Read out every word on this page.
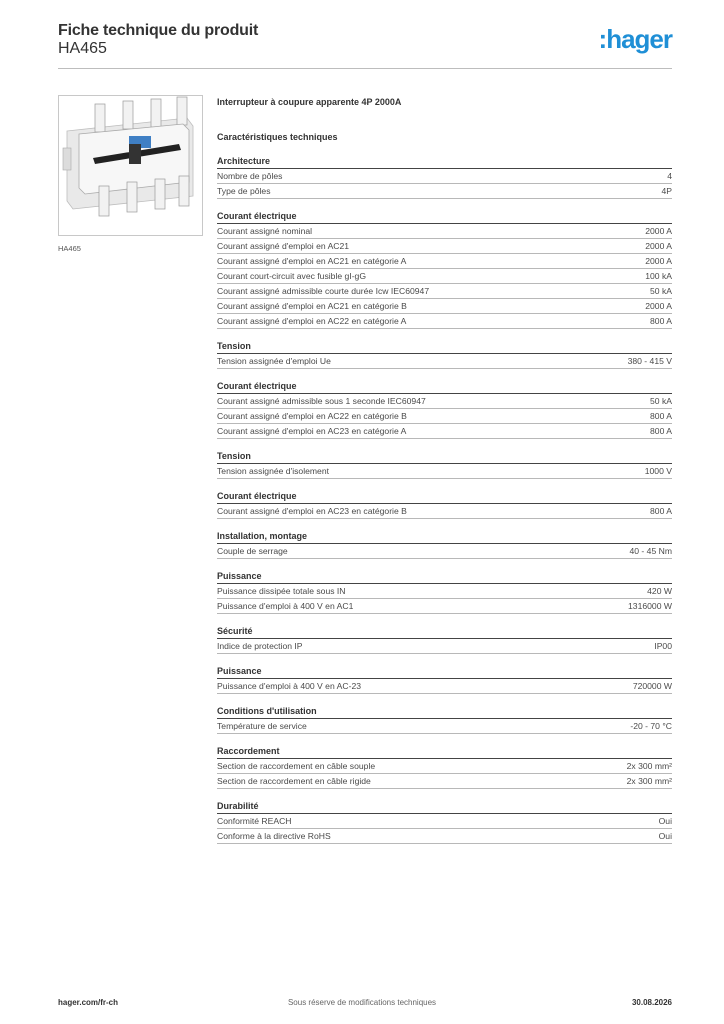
Fiche technique du produit
HA465	:hager
HA465
Interrupteur à coupure apparente 4P 2000A
Caractéristiques techniques
Architecture
Nombre de pôles	4
Type de pôles	4P
Courant électrique
Courant assigné nominal	2000 A
Courant assigné d'emploi en AC21	2000 A
Courant assigné d'emploi en AC21 en catégorie A	2000 A
Courant court-circuit avec fusible gI-gG	100 kA
Courant assigné admissible courte durée Icw IEC60947	50 kA
Courant assigné d'emploi en AC21 en catégorie B	2000 A
Courant assigné d'emploi en AC22 en catégorie A	800 A
Tension
Tension assignée d'emploi Ue	380 - 415 V
Courant électrique
Courant assigné admissible sous 1 seconde IEC60947	50 kA
Courant assigné d'emploi en AC22 en catégorie B	800 A
Courant assigné d'emploi en AC23 en catégorie A	800 A
Tension
Tension assignée d'isolement	1000 V
Courant électrique
Courant assigné d'emploi en AC23 en catégorie B	800 A
Installation, montage
Couple de serrage	40 - 45 Nm
Puissance
Puissance dissipée totale sous IN	420 W
Puissance d'emploi à 400 V en AC1	1316000 W
Sécurité
Indice de protection IP	IP00
Puissance
Puissance d'emploi à 400 V en AC-23	720000 W
Conditions d'utilisation
Température de service	-20 - 70 °C
Raccordement
Section de raccordement en câble souple	2x 300 mm²
Section de raccordement en câble rigide	2x 300 mm²
Durabilité
Conformité REACH	Oui
Conforme à la directive RoHS	Oui
hager.com/fr-ch	Sous réserve de modifications techniques	30.08.2026
